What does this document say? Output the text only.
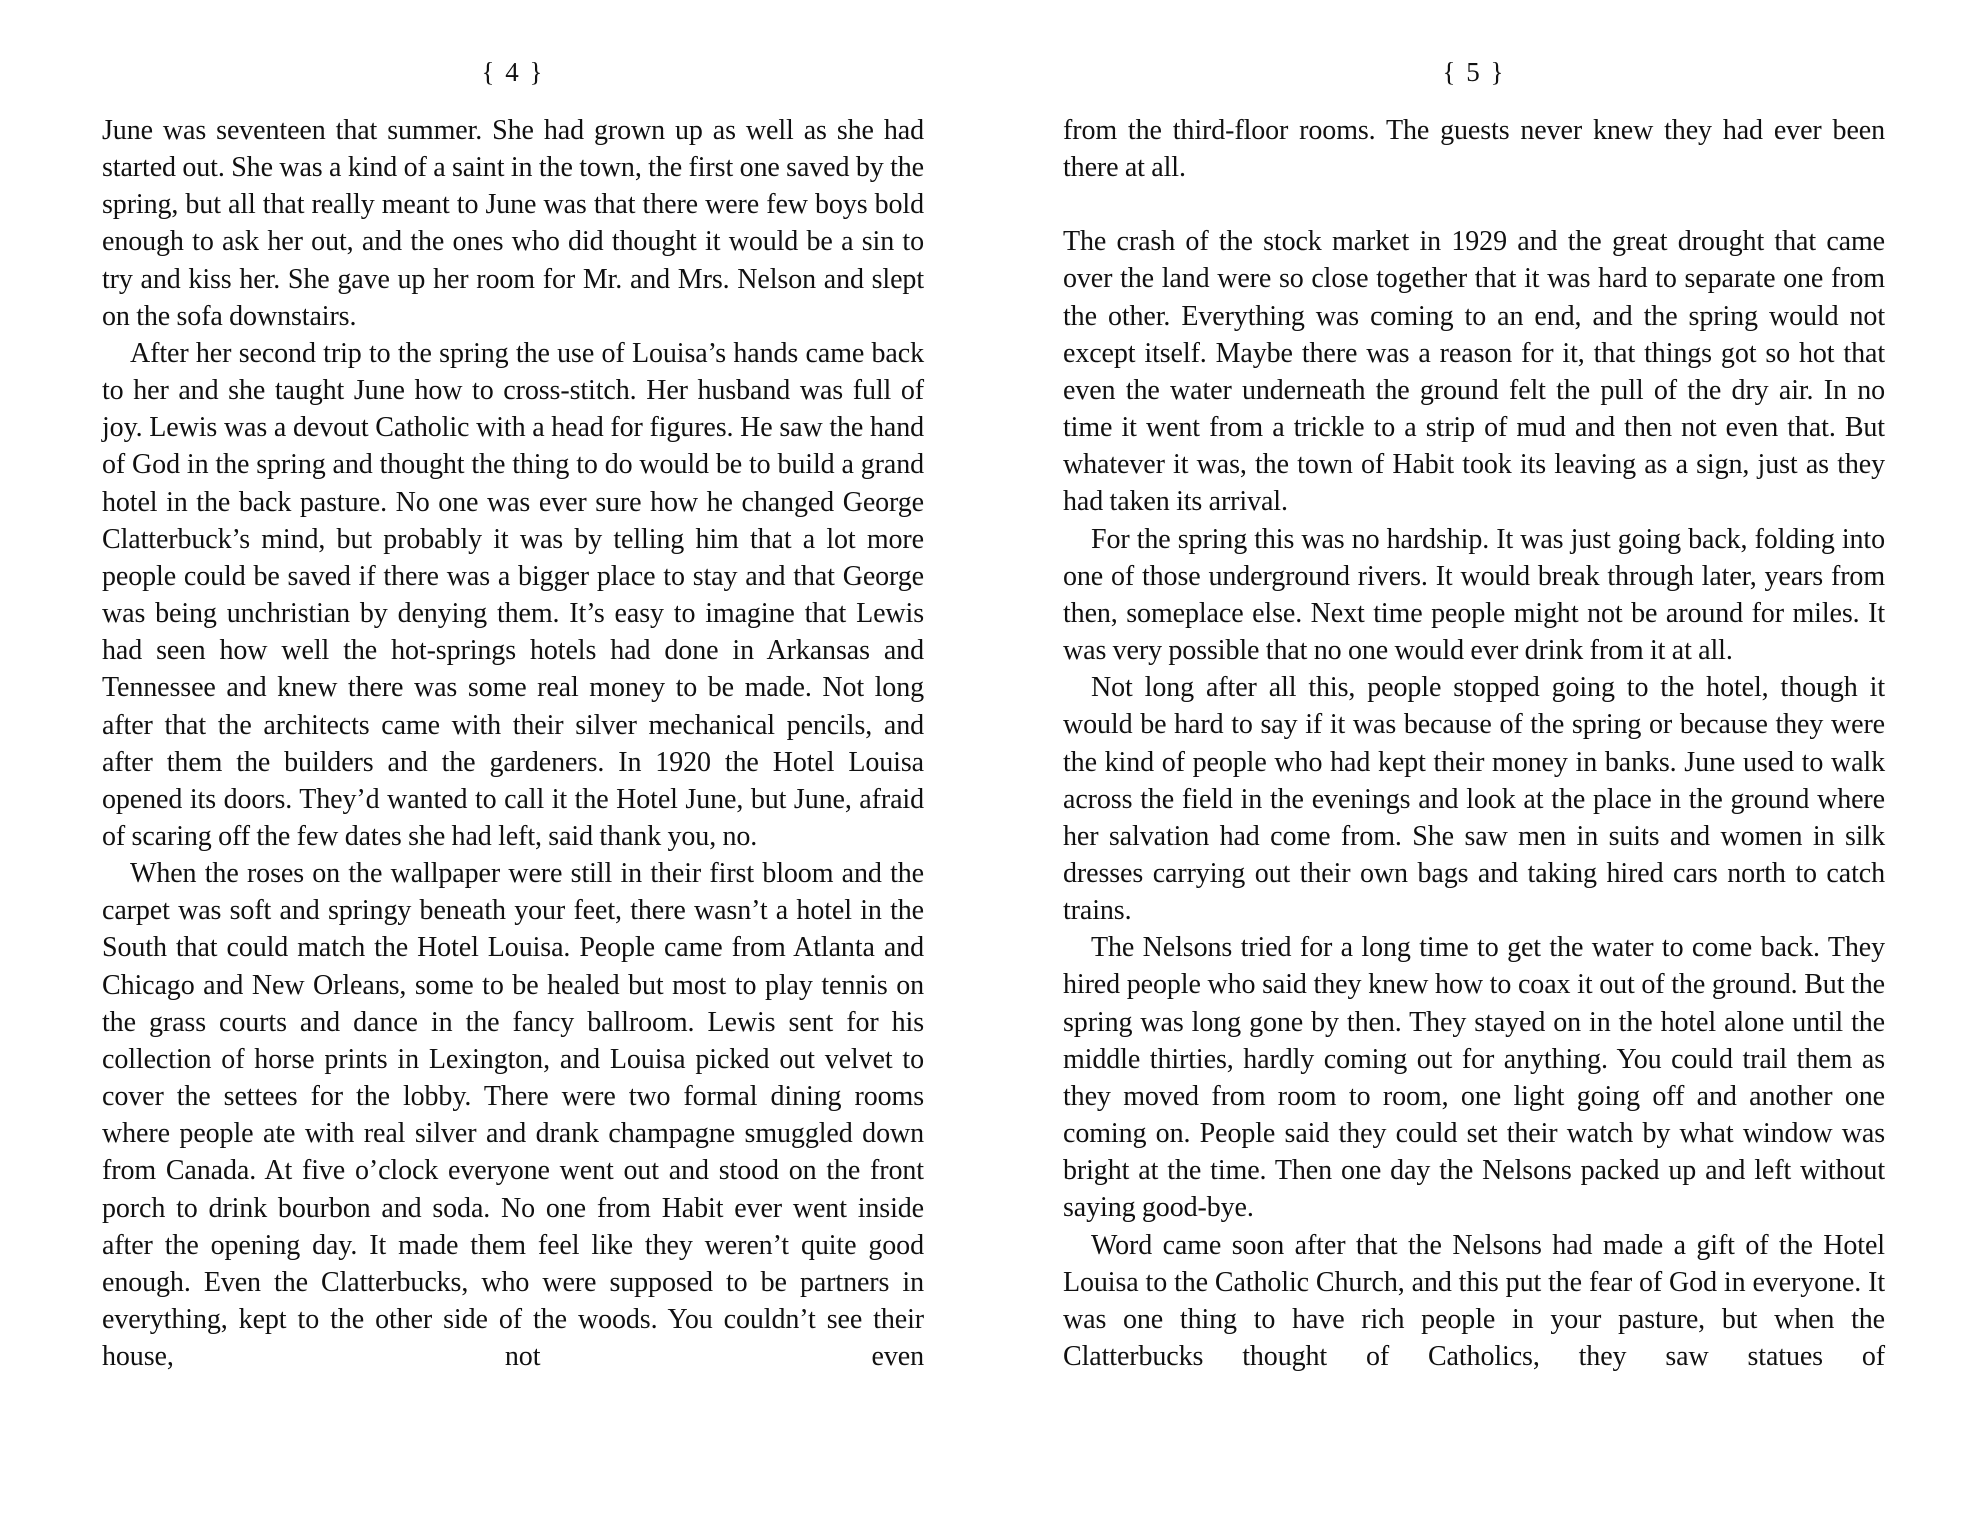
{ 4 }

June was seventeen that summer. She had grown up as well as she had started out. She was a kind of a saint in the town, the first one saved by the spring, but all that really meant to June was that there were few boys bold enough to ask her out, and the ones who did thought it would be a sin to try and kiss her. She gave up her room for Mr. and Mrs. Nelson and slept on the sofa downstairs.

After her second trip to the spring the use of Louisa’s hands came back to her and she taught June how to cross-stitch. Her husband was full of joy. Lewis was a devout Catholic with a head for figures. He saw the hand of God in the spring and thought the thing to do would be to build a grand hotel in the back pasture. No one was ever sure how he changed George Clatterbuck’s mind, but probably it was by telling him that a lot more people could be saved if there was a bigger place to stay and that George was being unchristian by denying them. It’s easy to imagine that Lewis had seen how well the hot-springs hotels had done in Arkansas and Tennessee and knew there was some real money to be made. Not long after that the architects came with their silver mechanical pencils, and after them the builders and the gardeners. In 1920 the Hotel Louisa opened its doors. They’d wanted to call it the Hotel June, but June, afraid of scaring off the few dates she had left, said thank you, no.

When the roses on the wallpaper were still in their first bloom and the carpet was soft and springy beneath your feet, there wasn’t a hotel in the South that could match the Hotel Louisa. People came from Atlanta and Chicago and New Orleans, some to be healed but most to play tennis on the grass courts and dance in the fancy ballroom. Lewis sent for his collection of horse prints in Lexington, and Louisa picked out velvet to cover the settees for the lobby. There were two formal dining rooms where people ate with real silver and drank champagne smuggled down from Canada. At five o’clock everyone went out and stood on the front porch to drink bourbon and soda. No one from Habit ever went inside after the opening day. It made them feel like they weren’t quite good enough. Even the Clatterbucks, who were supposed to be partners in everything, kept to the other side of the woods. You couldn’t see their house, not even

{ 5 }

from the third-floor rooms. The guests never knew they had ever been there at all.

The crash of the stock market in 1929 and the great drought that came over the land were so close together that it was hard to separate one from the other. Everything was coming to an end, and the spring would not except itself. Maybe there was a reason for it, that things got so hot that even the water underneath the ground felt the pull of the dry air. In no time it went from a trickle to a strip of mud and then not even that. But whatever it was, the town of Habit took its leaving as a sign, just as they had taken its arrival.

For the spring this was no hardship. It was just going back, folding into one of those underground rivers. It would break through later, years from then, someplace else. Next time people might not be around for miles. It was very possible that no one would ever drink from it at all.

Not long after all this, people stopped going to the hotel, though it would be hard to say if it was because of the spring or because they were the kind of people who had kept their money in banks. June used to walk across the field in the evenings and look at the place in the ground where her salvation had come from. She saw men in suits and women in silk dresses carrying out their own bags and taking hired cars north to catch trains.

The Nelsons tried for a long time to get the water to come back. They hired people who said they knew how to coax it out of the ground. But the spring was long gone by then. They stayed on in the hotel alone until the middle thirties, hardly coming out for anything. You could trail them as they moved from room to room, one light going off and another one coming on. People said they could set their watch by what window was bright at the time. Then one day the Nelsons packed up and left without saying good-bye.

Word came soon after that the Nelsons had made a gift of the Hotel Louisa to the Catholic Church, and this put the fear of God in everyone. It was one thing to have rich people in your pasture, but when the Clatterbucks thought of Catholics, they saw statues of
